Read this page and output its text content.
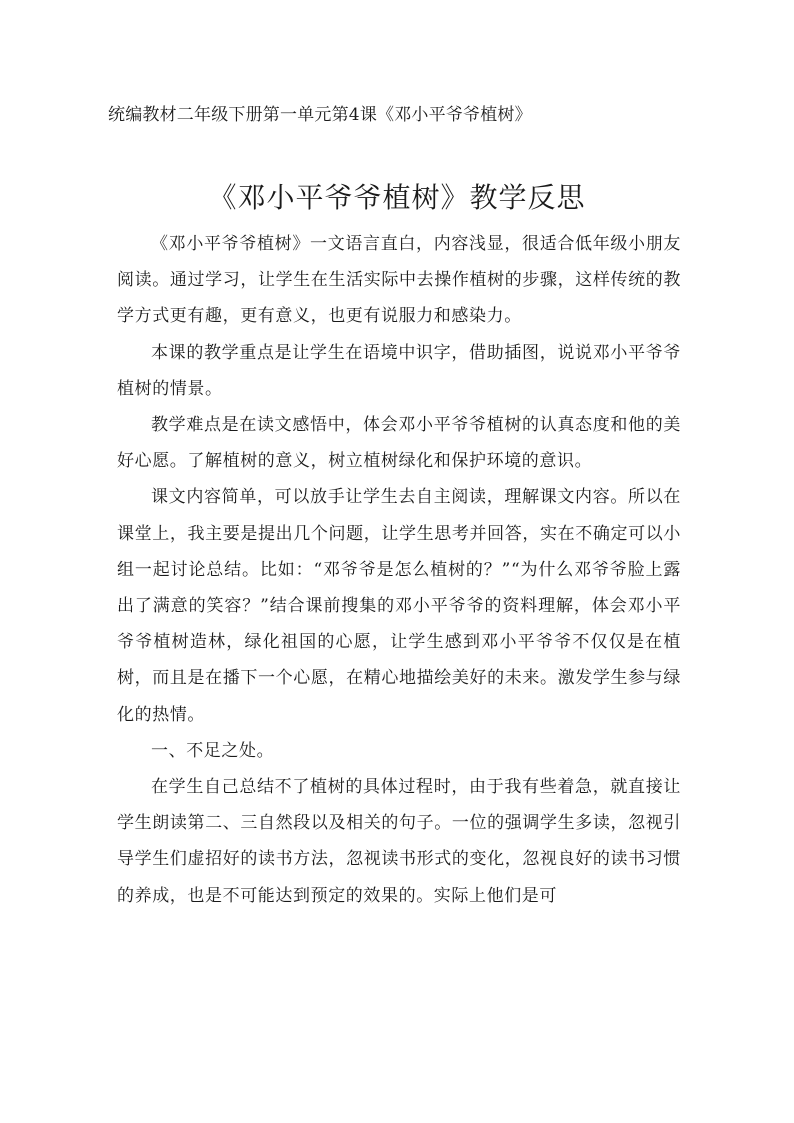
统编教材二年级下册第一单元第4课《邓小平爷爷植树》
《邓小平爷爷植树》教学反思

《邓小平爷爷植树》一文语言直白，内容浅显，很适合低年级小朋友阅读。通过学习，让学生在生活实际中去操作植树的步骤，这样传统的教学方式更有趣，更有意义，也更有说服力和感染力。

本课的教学重点是让学生在语境中识字，借助插图，说说邓小平爷爷植树的情景。

教学难点是在读文感悟中，体会邓小平爷爷植树的认真态度和他的美好心愿。了解植树的意义，树立植树绿化和保护环境的意识。

课文内容简单，可以放手让学生去自主阅读，理解课文内容。所以在课堂上，我主要是提出几个问题，让学生思考并回答，实在不确定可以小组一起讨论总结。比如：“邓爷爷是怎么植树的？”“为什么邓爷爷脸上露出了满意的笑容？”结合课前搜集的邓小平爷爷的资料理解，体会邓小平爷爷植树造林，绿化祖国的心愿，让学生感到邓小平爷爷不仅仅是在植树，而且是在播下一个心愿，在精心地描绘美好的未来。激发学生参与绿化的热情。

一、不足之处。

在学生自己总结不了植树的具体过程时，由于我有些着急，就直接让学生朗读第二、三自然段以及相关的句子。一位的强调学生多读，忽视引导学生们虚招好的读书方法，忽视读书形式的变化，忽视良好的读书习惯的养成，也是不可能达到预定的效果的。实际上他们是可
